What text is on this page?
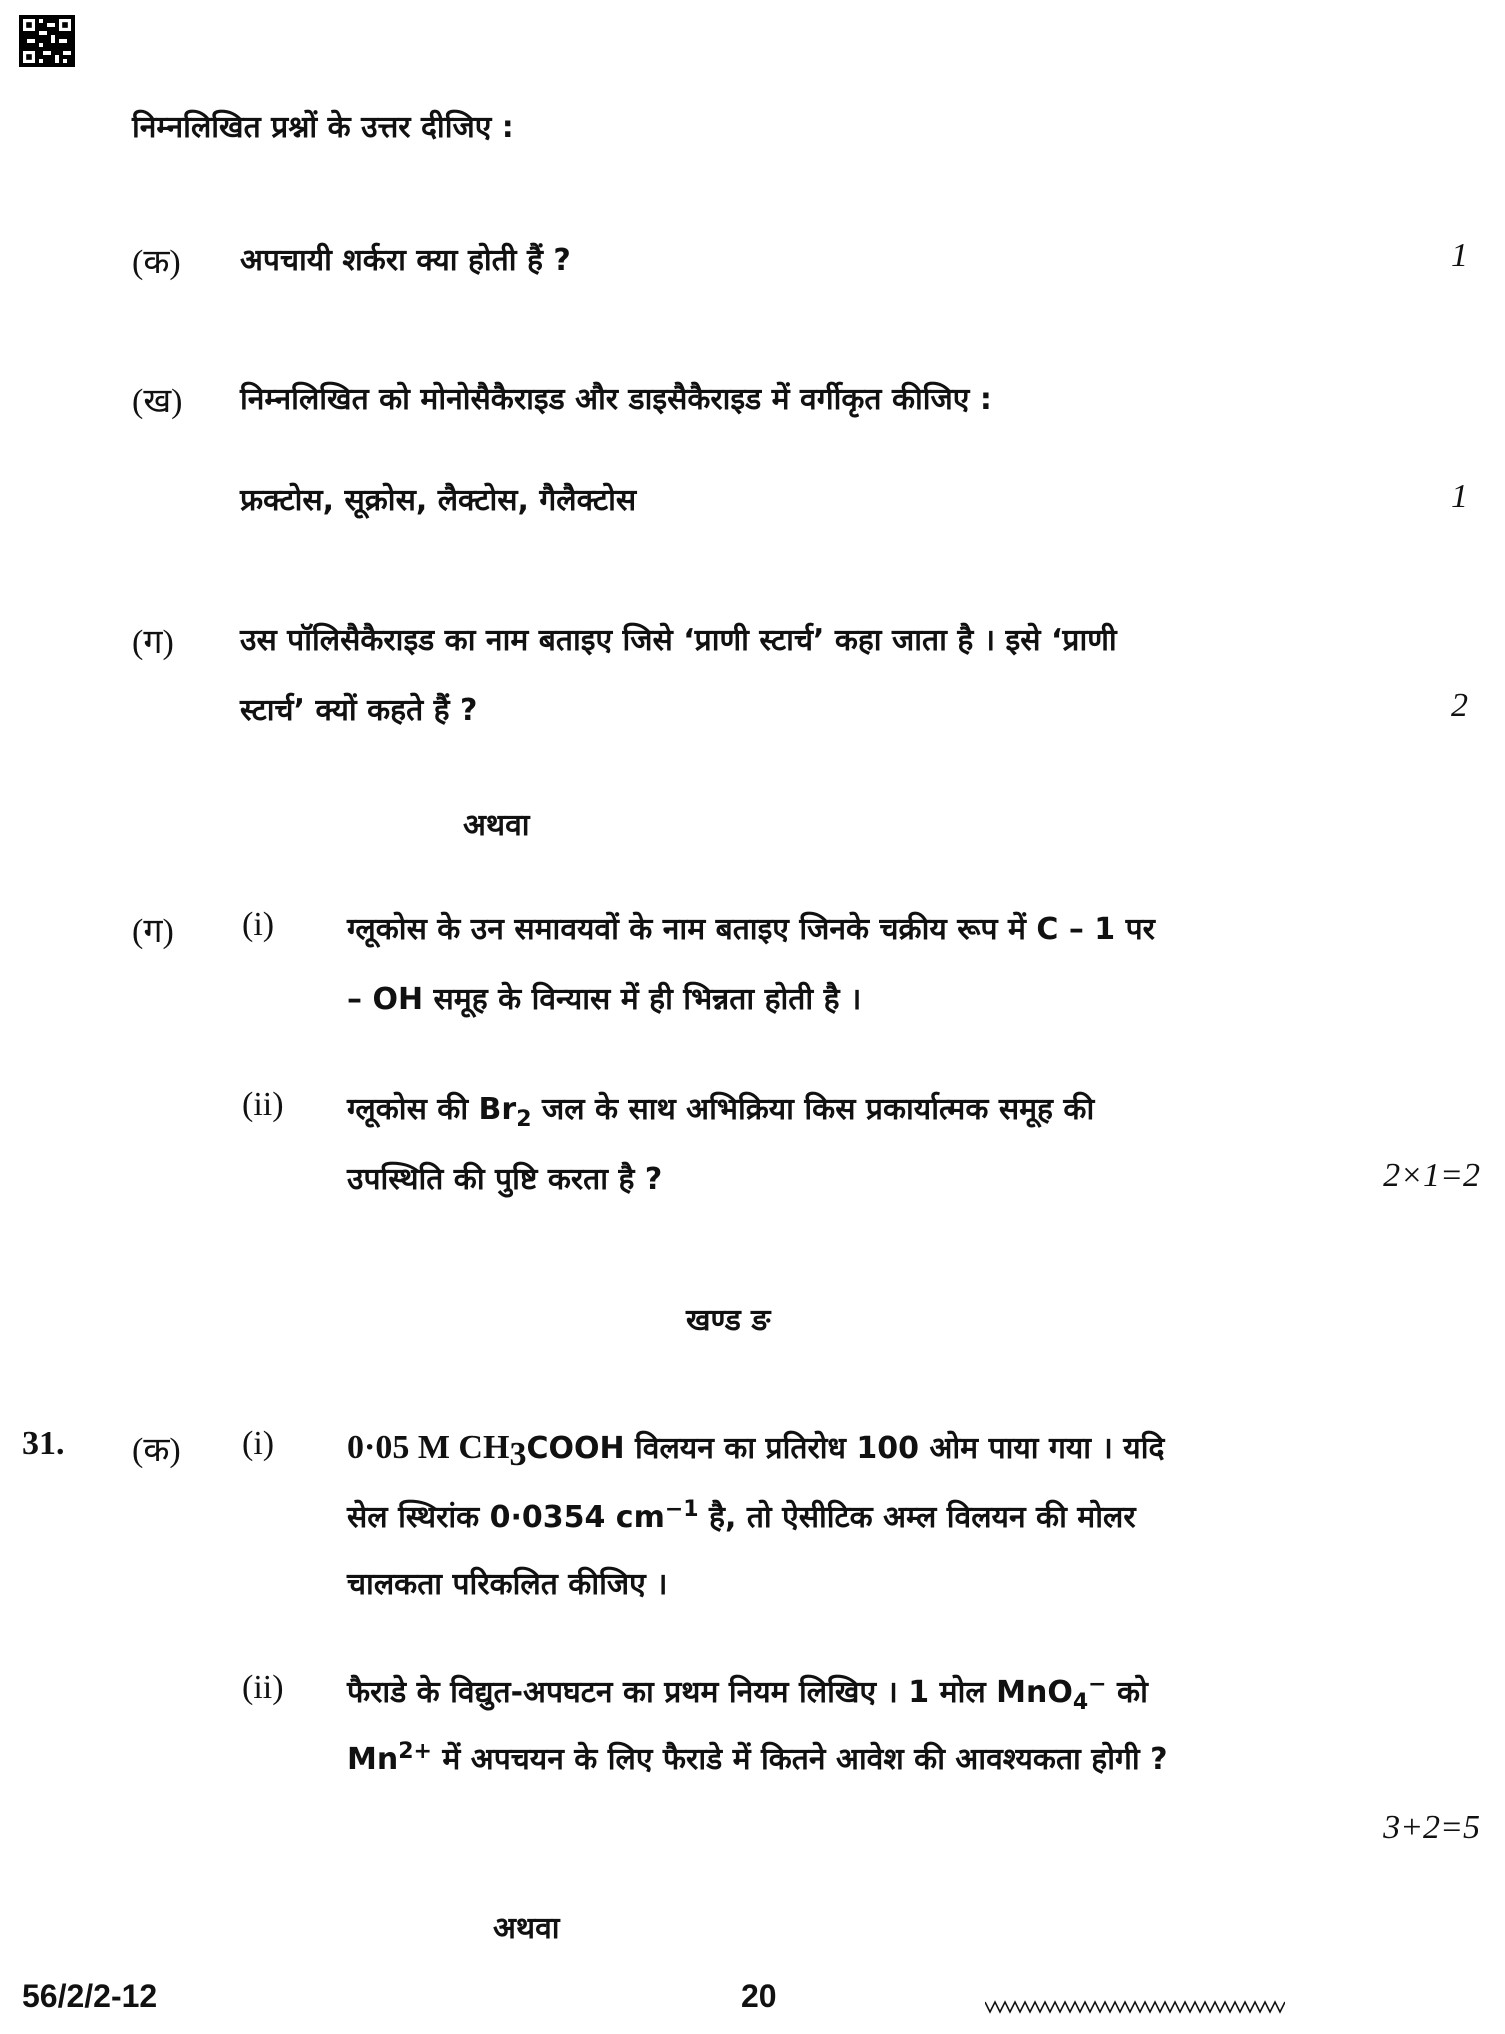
निम्नलिखित प्रश्नों के उत्तर दीजिए :
(क) अपचायी शर्करा क्या होती हैं ?	1
(ख) निम्नलिखित को मोनोसैकैराइड और डाइसैकैराइड में वर्गीकृत कीजिए :
फ्रक्टोस, सूक्रोस, लैक्टोस, गैलैक्टोस	1
(ग) उस पॉलिसैकैराइड का नाम बताइए जिसे ‘प्राणी स्टार्च’ कहा जाता है । इसे ‘प्राणी
स्टार्च’ क्यों कहते हैं ?	2
अथवा
(ग) (i) ग्लूकोस के उन समावयवों के नाम बताइए जिनके चक्रीय रूप में C – 1 पर
– OH समूह के विन्यास में ही भिन्नता होती है ।
(ii) ग्लूकोस की $Br_2$ जल के साथ अभिक्रिया किस प्रकार्यात्मक समूह की
उपस्थिति की पुष्टि करता है ?	2×1=2
खण्ड ङ
31. (क) (i) 0·05 M $CH_3COOH$ विलयन का प्रतिरोध 100 ओम पाया गया । यदि
सेल स्थिरांक 0·0354 $cm^{-1}$ है, तो ऐसीटिक अम्ल विलयन की मोलर
चालकता परिकलित कीजिए ।
(ii) फैराडे के विद्युत-अपघटन का प्रथम नियम लिखिए । 1 मोल MnO$_4$− को
$Mn^{2+}$ में अपचयन के लिए फैराडे में कितने आवेश की आवश्यकता होगी ?
3+2=5
अथवा
56/2/2-12	20
